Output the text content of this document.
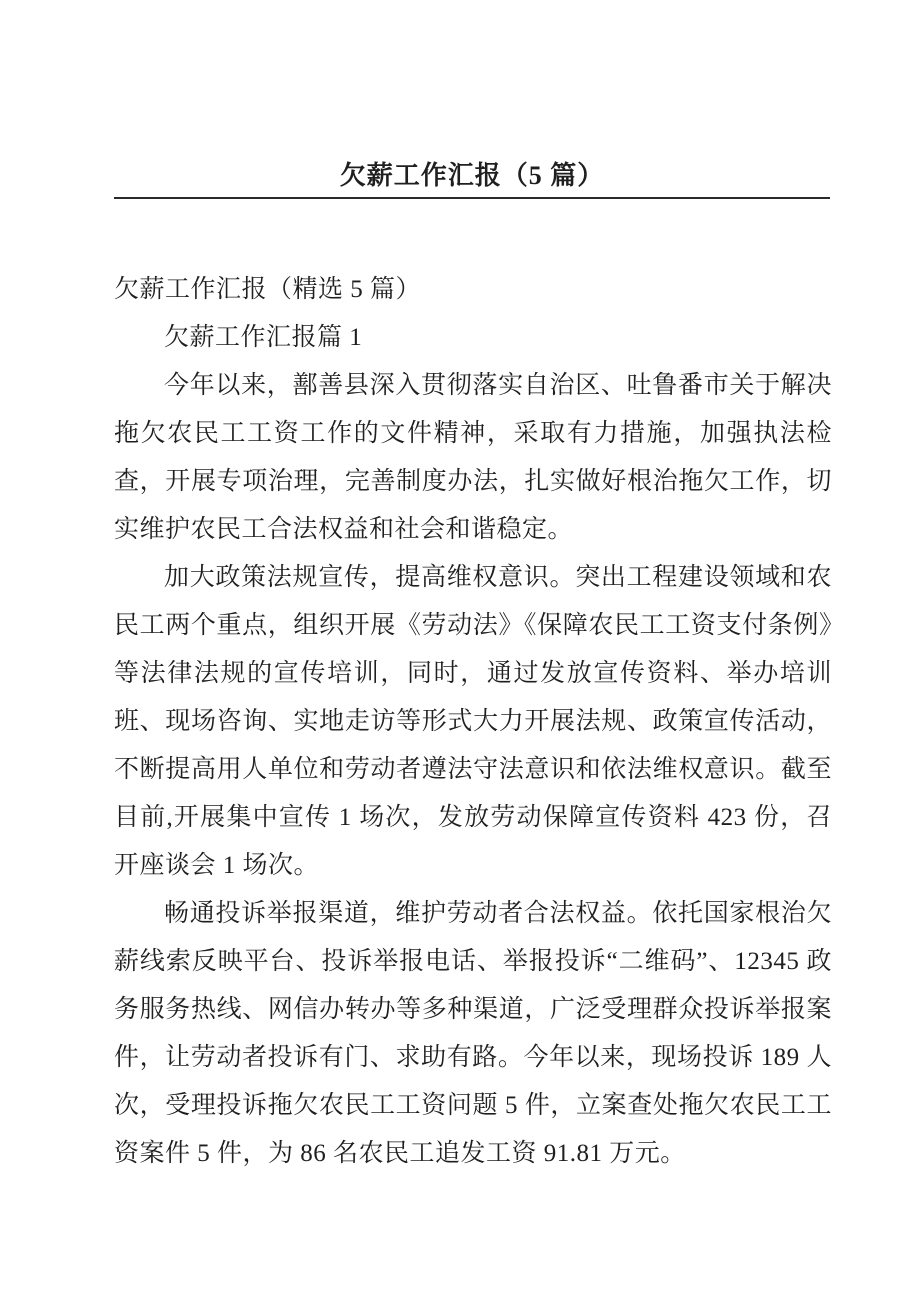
欠薪工作汇报（5 篇）

欠薪工作汇报（精选 5 篇）

欠薪工作汇报篇 1

今年以来，鄯善县深入贯彻落实自治区、吐鲁番市关于解决拖欠农民工工资工作的文件精神，采取有力措施，加强执法检查，开展专项治理，完善制度办法，扎实做好根治拖欠工作，切实维护农民工合法权益和社会和谐稳定。

加大政策法规宣传，提高维权意识。突出工程建设领域和农民工两个重点，组织开展《劳动法》《保障农民工工资支付条例》等法律法规的宣传培训，同时，通过发放宣传资料、举办培训班、现场咨询、实地走访等形式大力开展法规、政策宣传活动，不断提高用人单位和劳动者遵法守法意识和依法维权意识。截至目前,开展集中宣传 1 场次，发放劳动保障宣传资料 423 份，召开座谈会 1 场次。

畅通投诉举报渠道，维护劳动者合法权益。依托国家根治欠薪线索反映平台、投诉举报电话、举报投诉“二维码”、12345 政务服务热线、网信办转办等多种渠道，广泛受理群众投诉举报案件，让劳动者投诉有门、求助有路。今年以来，现场投诉 189 人次，受理投诉拖欠农民工工资问题 5 件，立案查处拖欠农民工工资案件 5 件，为 86 名农民工追发工资 91.81 万元。
